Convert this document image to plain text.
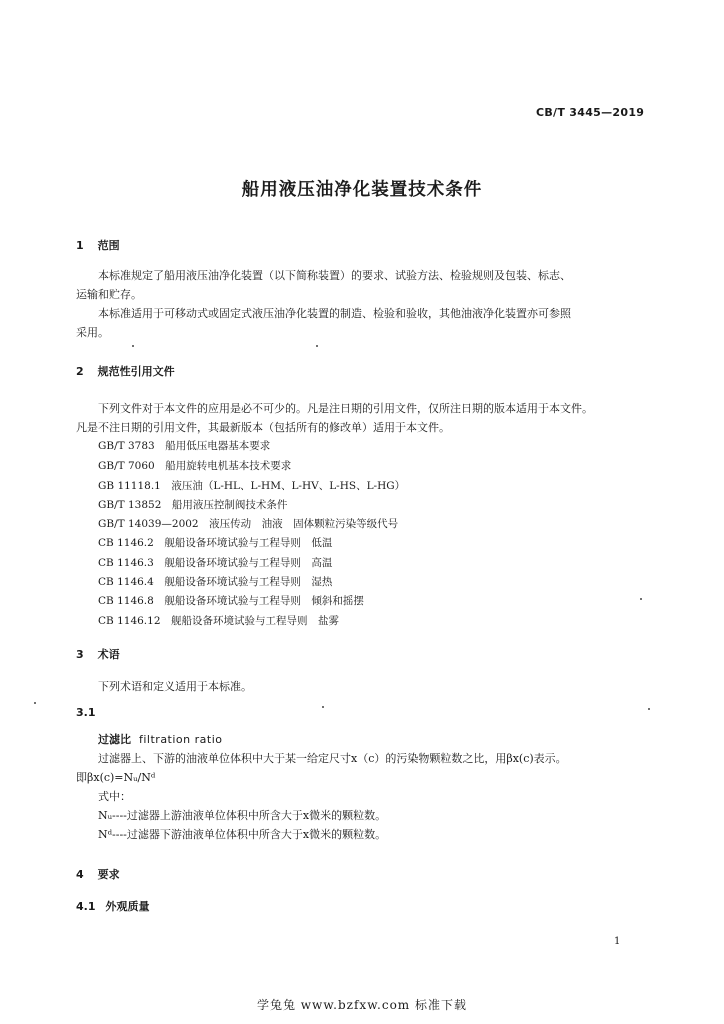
CB/T 3445—2019
船用液压油净化装置技术条件
1 范围
本标准规定了船用液压油净化装置（以下简称装置）的要求、试验方法、检验规则及包装、标志、
运输和贮存。
本标准适用于可移动式或固定式液压油净化装置的制造、检验和验收，其他油液净化装置亦可参照
采用。
2 规范性引用文件
下列文件对于本文件的应用是必不可少的。凡是注日期的引用文件，仅所注日期的版本适用于本文件。
凡是不注日期的引用文件，其最新版本（包括所有的修改单）适用于本文件。
GB/T 3783　船用低压电器基本要求
GB/T 7060　船用旋转电机基本技术要求
GB 11118.1　液压油（L-HL、L-HM、L-HV、L-HS、L-HG）
GB/T 13852　船用液压控制阀技术条件
GB/T 14039—2002　液压传动　油液　固体颗粒污染等级代号
CB 1146.2　舰船设备环境试验与工程导则　低温
CB 1146.3　舰船设备环境试验与工程导则　高温
CB 1146.4　舰船设备环境试验与工程导则　湿热
CB 1146.8　舰船设备环境试验与工程导则　倾斜和摇摆
CB 1146.12　舰船设备环境试验与工程导则　盐雾
3 术语
下列术语和定义适用于本标准。
3.1
过滤比 filtration ratio
过滤器上、下游的油液单位体积中大于某一给定尺寸x（c）的污染物颗粒数之比，用βx(c)表示。
即βx(c)=Nᵤ/Nᵈ
式中：
Nᵤ----过滤器上游油液单位体积中所含大于x微米的颗粒数。
Nᵈ----过滤器下游油液单位体积中所含大于x微米的颗粒数。
4 要求
4.1 外观质量
1
学兔兔 www.bzfxw.com 标准下载
